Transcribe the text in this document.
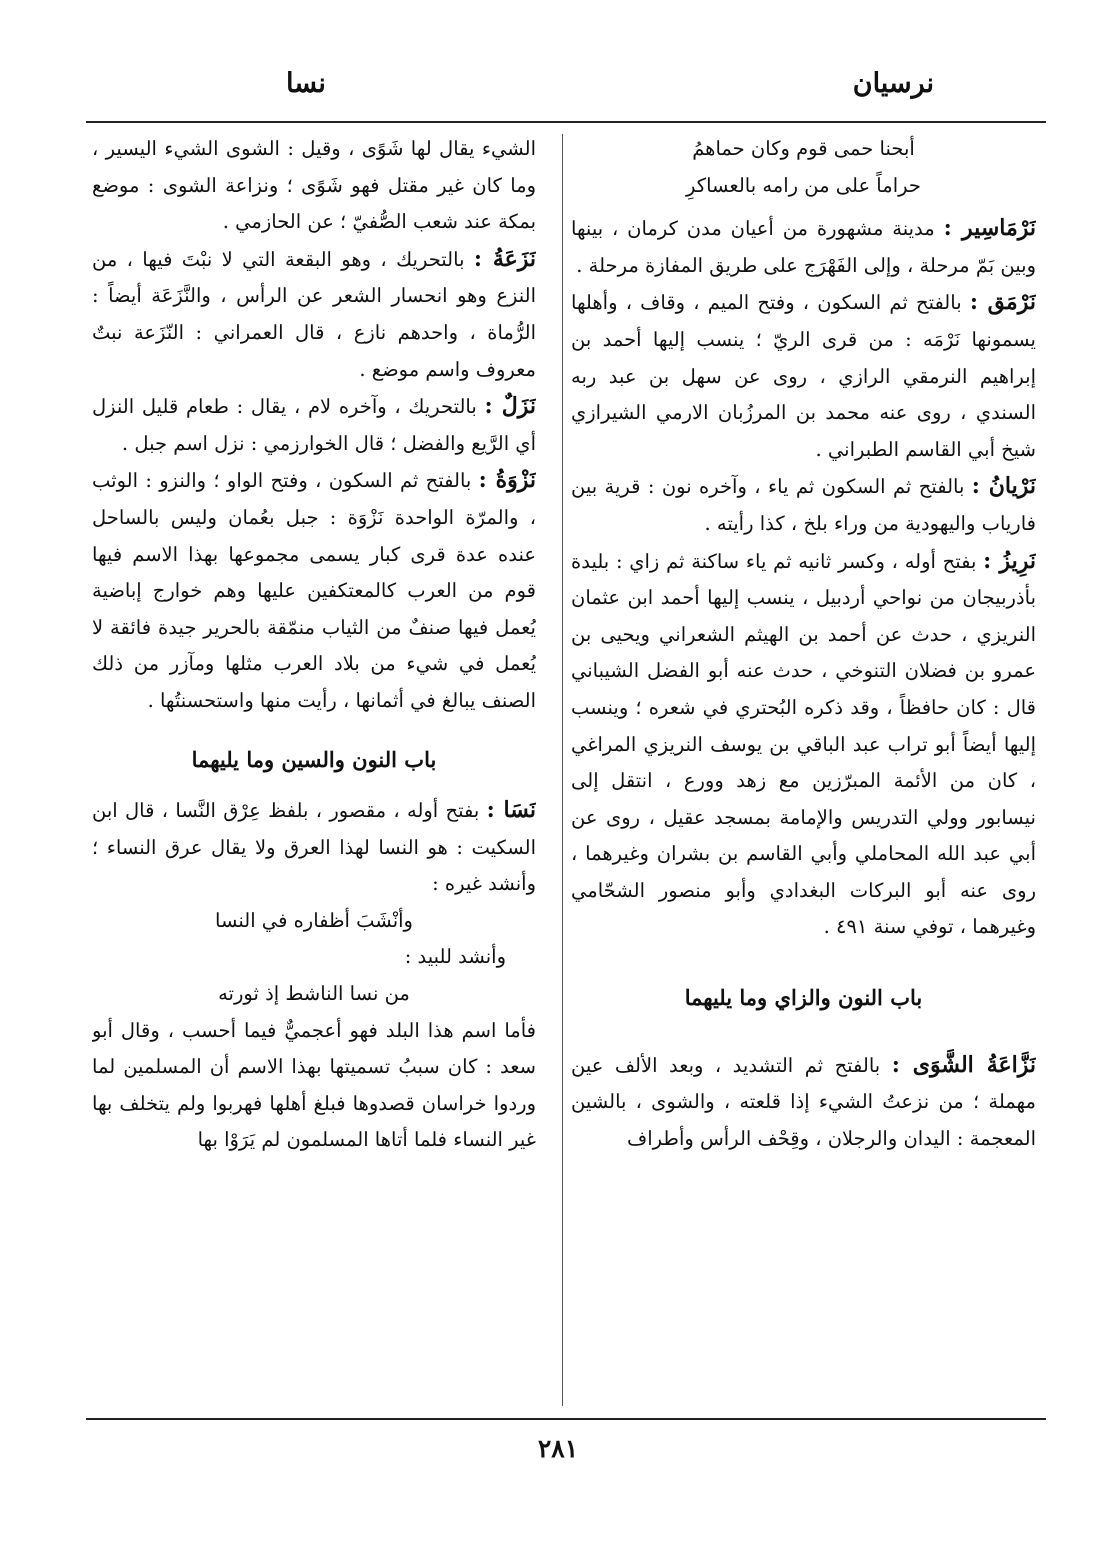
نرسيان
نسا

أبحنا حمى قوم وكان حماهمُ

حراماً على من رامه بالعساكرِ

نَرْمَاسِير : مدينة مشهورة من أعيان مدن كرمان ، بينها وبين بَمّ مرحلة ، وإلى الفَهْرَج على طريق المفازة مرحلة .

نَرْمَق : بالفتح ثم السكون ، وفتح الميم ، وقاف ، وأهلها يسمونها نَرْمَه : من قرى الريّ ؛ ينسب إليها أحمد بن إبراهيم النرمقي الرازي ، روى عن سهل بن عبد ربه السندي ، روى عنه محمد بن المرزُبان الارمي الشيرازي شيخ أبي القاسم الطبراني .

نَرْيانُ : بالفتح ثم السكون ثم ياء ، وآخره نون : قرية بين فارياب واليهودية من وراء بلخ ، كذا رأيته .

نَرِيزُ : بفتح أوله ، وكسر ثانيه ثم ياء ساكنة ثم زاي : بليدة بأذربيجان من نواحي أردبيل ، ينسب إليها أحمد ابن عثمان النريزي ، حدث عن أحمد بن الهيثم الشعراني ويحيى بن عمرو بن فضلان التنوخي ، حدث عنه أبو الفضل الشيباني قال : كان حافظاً ، وقد ذكره البُحتري في شعره ؛ وينسب إليها أيضاً أبو تراب عبد الباقي بن يوسف النريزي المراغي ، كان من الأئمة المبرّزين مع زهد وورع ، انتقل إلى نيسابور وولي التدريس والإمامة بمسجد عقيل ، روى عن أبي عبد الله المحاملي وأبي القاسم بن بشران وغيرهما ، روى عنه أبو البركات البغدادي وأبو منصور الشحّامي وغيرهما ، توفي سنة ٤٩١ .

باب النون والزاي وما يليهما

نَزَّاعَةُ الشَّوَى : بالفتح ثم التشديد ، وبعد الألف عين مهملة ؛ من نزعتُ الشيء إذا قلعته ، والشوى ، بالشين المعجمة : اليدان والرجلان ، وقِحْف الرأس وأطراف

الشيء يقال لها شَوًى ، وقيل : الشوى الشيء اليسير ، وما كان غير مقتل فهو شَوًى ؛ ونزاعة الشوى : موضع بمكة عند شعب الصُّفيّ ؛ عن الحازمي .

نَزَعَةُ : بالتحريك ، وهو البقعة التي لا نبْتَ فيها ، من النزع وهو انحسار الشعر عن الرأس ، والنَّزَعَة أيضاً : الرُّماة ، واحدهم نازع ، قال العمراني : النّزَعة نبتٌ معروف واسم موضع .

نَزَلٌ : بالتحريك ، وآخره لام ، يقال : طعام قليل النزل أي الرَّيع والفضل ؛ قال الخوارزمي : نزل اسم جبل .

نَزْوَةُ : بالفتح ثم السكون ، وفتح الواو ؛ والنزو : الوثب ، والمرّة الواحدة نَزْوَة : جبل بعُمان وليس بالساحل عنده عدة قرى كبار يسمى مجموعها بهذا الاسم فيها قوم من العرب كالمعتكفين عليها وهم خوارج إباضية يُعمل فيها صنفٌ من الثياب منمّقة بالحرير جيدة فائقة لا يُعمل في شيء من بلاد العرب مثلها ومآزر من ذلك الصنف يبالغ في أثمانها ، رأيت منها واستحسنتُها .

باب النون والسين وما يليهما

نَسَا : بفتح أوله ، مقصور ، بلفظ عِرْق النَّسا ، قال ابن السكيت : هو النسا لهذا العرق ولا يقال عرق النساء ؛ وأنشد غيره :

وأنْشَبَ أظفاره في النسا

وأنشد للبيد :

من نسا الناشط إذ ثورته

فأما اسم هذا البلد فهو أعجميٌّ فيما أحسب ، وقال أبو سعد : كان سببُ تسميتها بهذا الاسم أن المسلمين لما وردوا خراسان قصدوها فبلغ أهلها فهربوا ولم يتخلف بها غير النساء فلما أتاها المسلمون لم يَرَوْا بها

٢٨١
